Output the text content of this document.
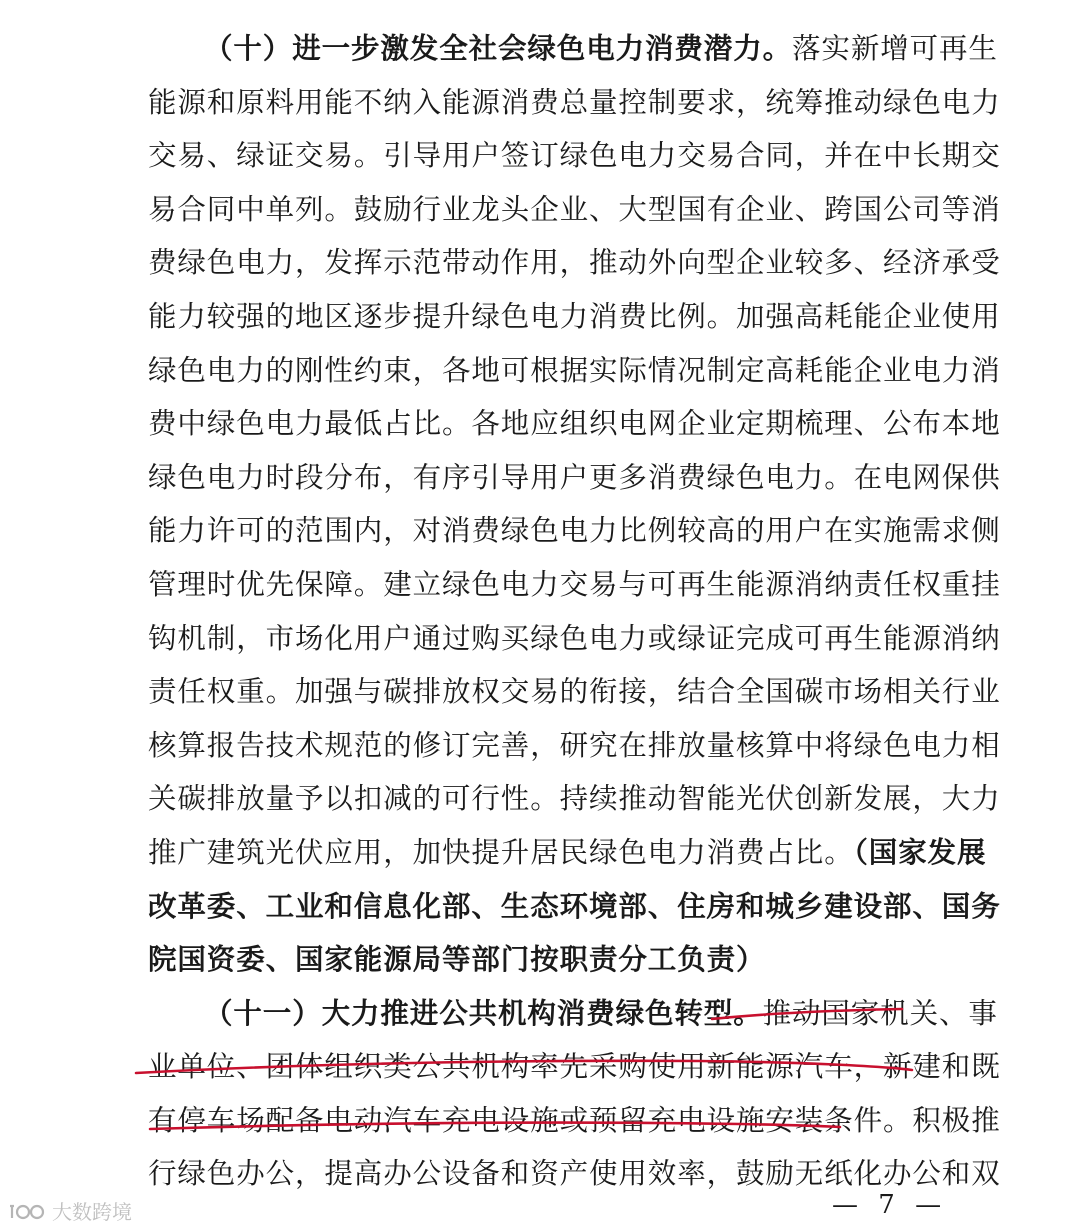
（十）进一步激发全社会绿色电力消费潜力。落实新增可再生
能源和原料用能不纳入能源消费总量控制要求，统筹推动绿色电力
交易、绿证交易。引导用户签订绿色电力交易合同，并在中长期交
易合同中单列。鼓励行业龙头企业、大型国有企业、跨国公司等消
费绿色电力，发挥示范带动作用，推动外向型企业较多、经济承受
能力较强的地区逐步提升绿色电力消费比例。加强高耗能企业使用
绿色电力的刚性约束，各地可根据实际情况制定高耗能企业电力消
费中绿色电力最低占比。各地应组织电网企业定期梳理、公布本地
绿色电力时段分布，有序引导用户更多消费绿色电力。在电网保供
能力许可的范围内，对消费绿色电力比例较高的用户在实施需求侧
管理时优先保障。建立绿色电力交易与可再生能源消纳责任权重挂
钩机制，市场化用户通过购买绿色电力或绿证完成可再生能源消纳
责任权重。加强与碳排放权交易的衔接，结合全国碳市场相关行业
核算报告技术规范的修订完善，研究在排放量核算中将绿色电力相
关碳排放量予以扣减的可行性。持续推动智能光伏创新发展，大力
推广建筑光伏应用，加快提升居民绿色电力消费占比。（国家发展
改革委、工业和信息化部、生态环境部、住房和城乡建设部、国务
院国资委、国家能源局等部门按职责分工负责）
（十一）大力推进公共机构消费绿色转型。推动国家机关、事
业单位、团体组织类公共机构率先采购使用新能源汽车，新建和既
有停车场配备电动汽车充电设施或预留充电设施安装条件。积极推
行绿色办公，提高办公设备和资产使用效率，鼓励无纸化办公和双
— 7 —
大数跨境
